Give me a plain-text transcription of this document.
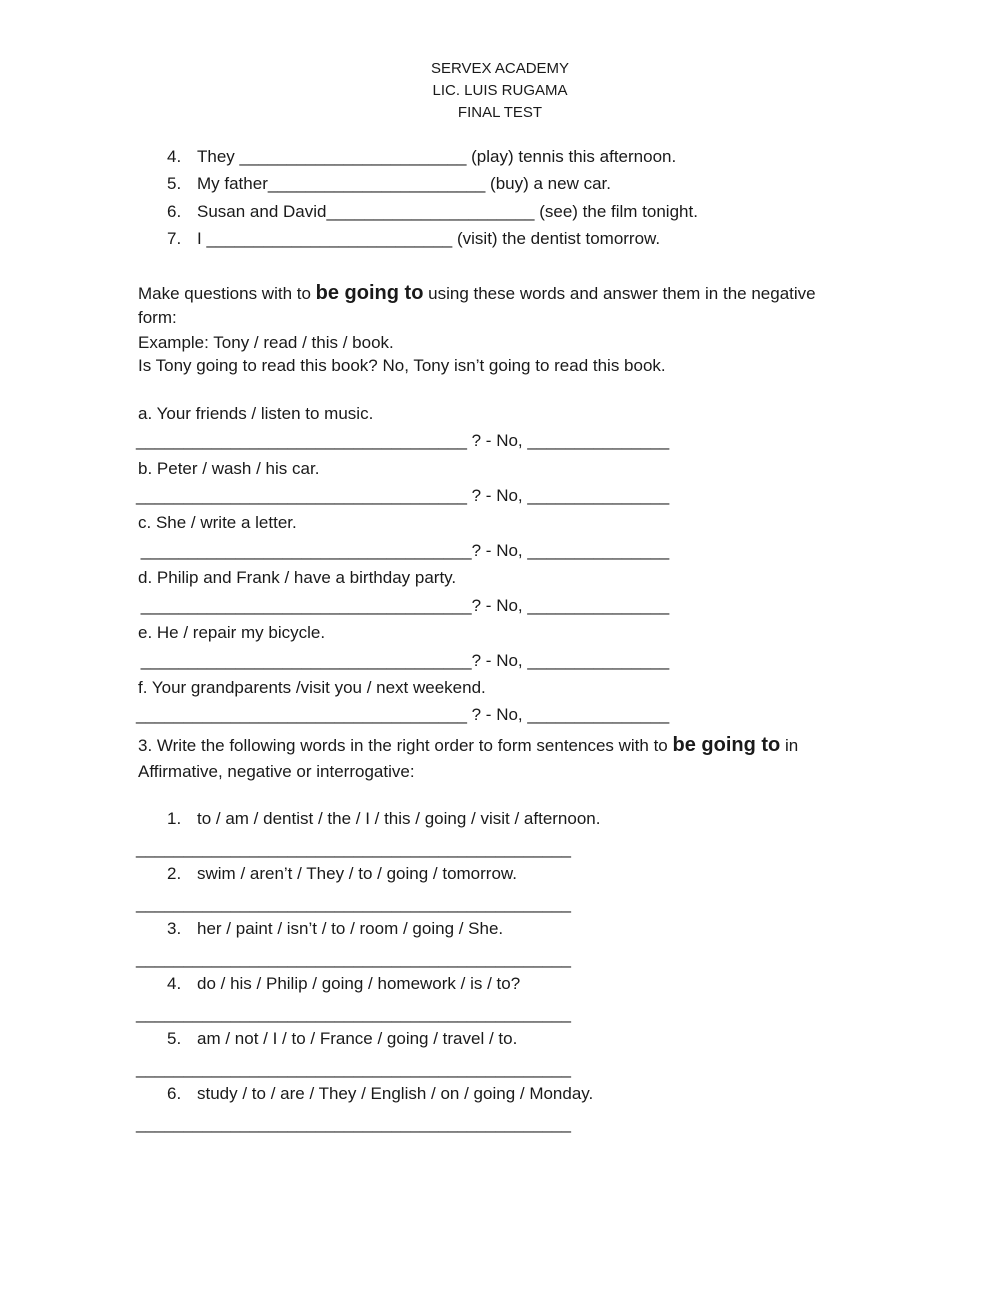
SERVEX ACADEMY
LIC. LUIS RUGAMA
FINAL TEST
4. They ________________________ (play) tennis this afternoon.
5. My father_______________________ (buy) a new car.
6. Susan and David______________________ (see) the film tonight.
7. I __________________________ (visit) the dentist tomorrow.
Make questions with to be going to using these words and answer them in the negative
form:
Example: Tony / read / this / book.
Is Tony going to read this book? No, Tony isn’t going to read this book.
a. Your friends / listen to music.
___________________________________ ? - No, _______________
b. Peter / wash / his car.
___________________________________ ? - No, _______________
c. She / write a letter.
___________________________________? - No, _______________
d. Philip and Frank / have a birthday party.
___________________________________? - No, _______________
e. He / repair my bicycle.
___________________________________? - No, _______________
f. Your grandparents /visit you / next weekend.
___________________________________ ? - No, _______________
3. Write the following words in the right order to form sentences with to be going to in
Affirmative, negative or interrogative:
1. to / am / dentist / the / I / this / going / visit / afternoon.
______________________________________________
2. swim / aren’t / They / to / going / tomorrow.
______________________________________________
3. her / paint / isn’t / to / room / going / She.
______________________________________________
4. do / his / Philip / going / homework / is / to?
______________________________________________
5. am / not / I / to / France / going / travel / to.
______________________________________________
6. study / to / are / They / English / on / going / Monday.
______________________________________________
